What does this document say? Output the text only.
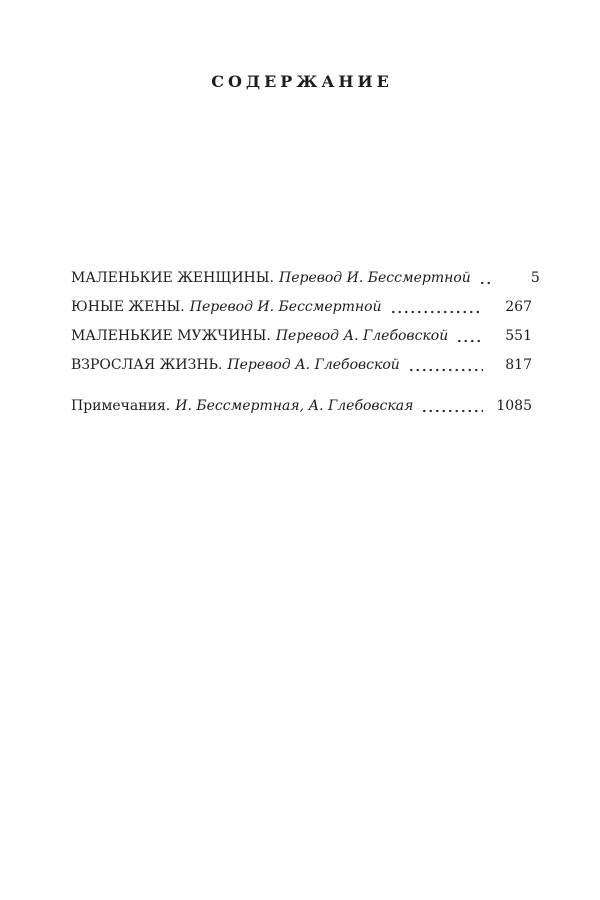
СОДЕРЖАНИЕ
МАЛЕНЬКИЕ ЖЕНЩИНЫ. Перевод И. Бессмертной	5
ЮНЫЕ ЖЕНЫ. Перевод И. Бессмертной	267
МАЛЕНЬКИЕ МУЖЧИНЫ. Перевод А. Глебовской	551
ВЗРОСЛАЯ ЖИЗНЬ. Перевод А. Глебовской	817
Примечания. И. Бессмертная, А. Глебовская	1085
